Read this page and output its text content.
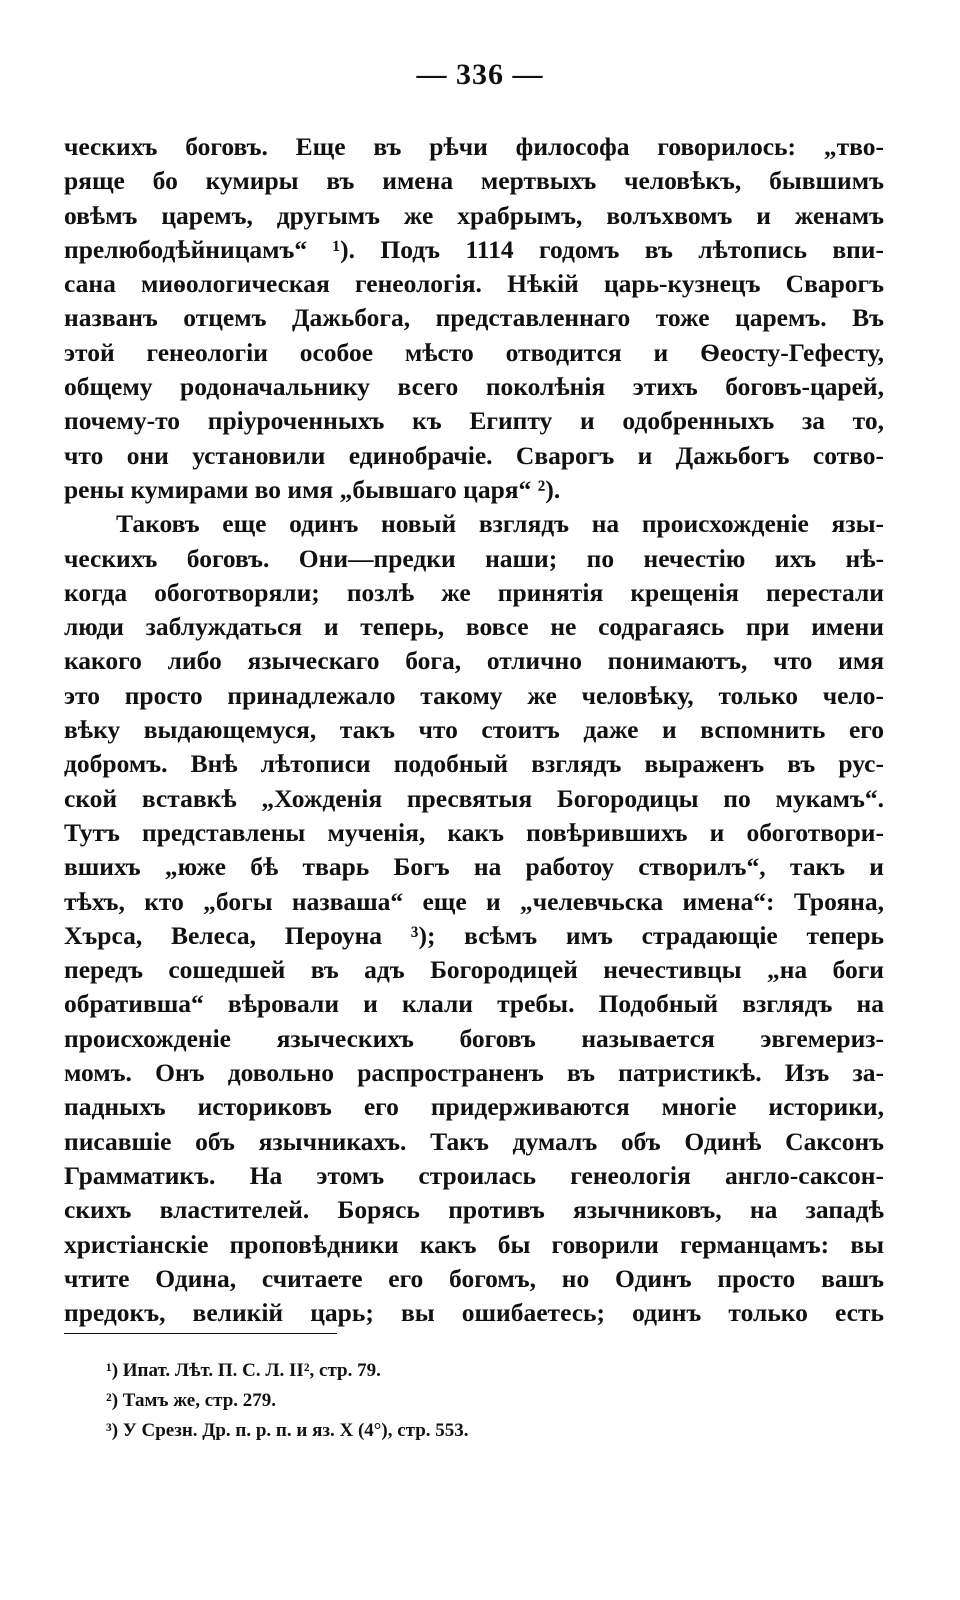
— 336 —
ческихъ боговъ. Еще въ рѣчи философа говорилось: „тво-
ряще бо кумиры въ имена мертвыхъ человѣкъ, бывшимъ
овѣмъ царемъ, другымъ же храбрымъ, волъхвомъ и женамъ
прелюбодѣйницамъ“ ¹). Подъ 1114 годомъ въ лѣтопись впи-
сана миѳологическая генеологія. Нѣкій царь-кузнецъ Сварогъ
названъ отцемъ Дажьбога, представленнаго тоже царемъ. Въ
этой генеологіи особое мѣсто отводится и Ѳеосту-Гефесту,
общему родоначальнику всего поколѣнія этихъ боговъ-царей,
почему-то пріуроченныхъ къ Египту и одобренныхъ за то,
что они установили единобрачіе. Сварогъ и Дажьбогъ сотво-
рены кумирами во имя „бывшаго царя“ ²).
Таковъ еще одинъ новый взглядъ на происхожденіе язы-
ческихъ боговъ. Они—предки наши; по нечестію ихъ нѣ-
когда обоготворяли; позлѣ же принятія крещенія перестали
люди заблуждаться и теперь, вовсе не содрагаясь при имени
какого либо языческаго бога, отлично понимаютъ, что имя
это просто принадлежало такому же человѣку, только чело-
вѣку выдающемуся, такъ что стоитъ даже и вспомнить его
добромъ. Внѣ лѣтописи подобный взглядъ выраженъ въ рус-
ской вставкѣ „Хожденія пресвятыя Богородицы по мукамъ“.
Тутъ представлены мученія, какъ повѣрившихъ и обоготвори-
вшихъ „юже бѣ тварь Богъ на работоу створилъ“, такъ и
тѣхъ, кто „богы назваша“ еще и „челевчьска имена“: Трояна,
Хърса, Велеса, Пероуна ³); всѣмъ имъ страдающіе теперь
передъ сошедшей въ адъ Богородицей нечестивцы „на боги
обративша“ вѣровали и клали требы. Подобный взглядъ на
происхожденіе языческихъ боговъ называется эвгемериз-
момъ. Онъ довольно распространенъ въ патристикѣ. Изъ за-
падныхъ историковъ его придерживаются многіе историки,
писавшіе объ язычникахъ. Такъ думалъ объ Одинѣ Саксонъ
Грамматикъ. На этомъ строилась генеологія англо-саксон-
скихъ властителей. Борясь противъ язычниковъ, на западѣ
христіанскіе проповѣдники какъ бы говорили германцамъ: вы
чтите Одина, считаете его богомъ, но Одинъ просто вашъ
предокъ, великій царь; вы ошибаетесь; одинъ только есть
¹) Ипат. Лѣт. П. С. Л. II², стр. 79.
²) Тамъ же, стр. 279.
³) У Срезн. Др. п. р. п. и яз. X (4°), стр. 553.
